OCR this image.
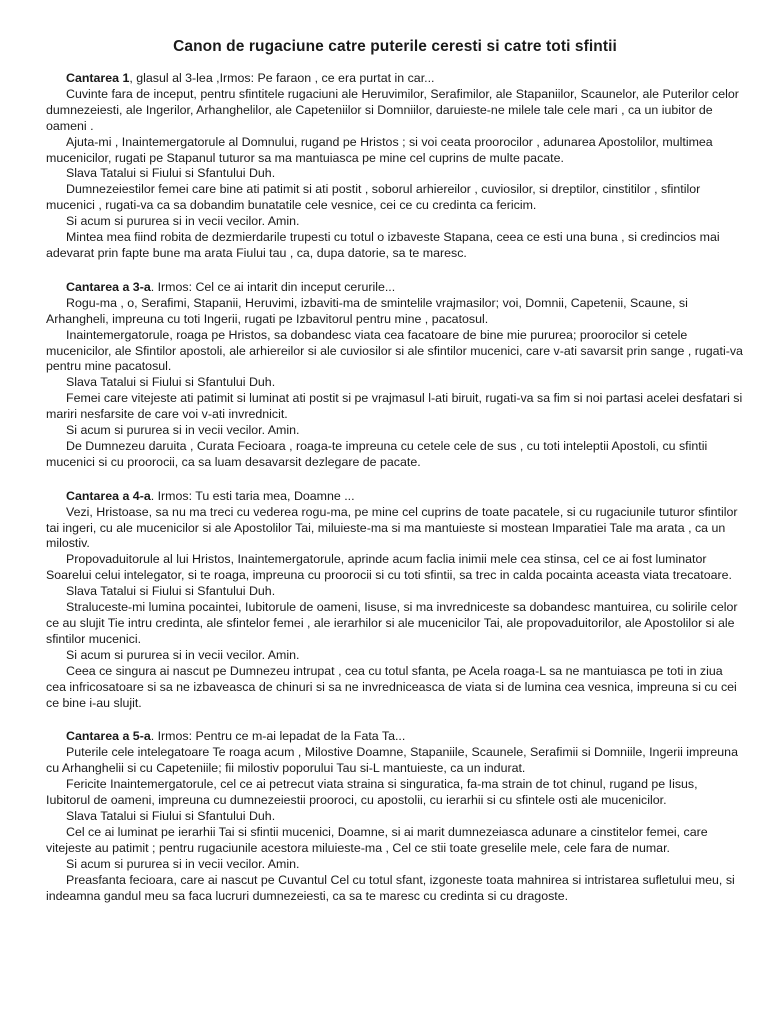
Canon de rugaciune catre puterile ceresti si catre toti sfintii

Cantarea 1, glasul al 3-lea ,Irmos: Pe faraon , ce era purtat in car...

Cuvinte fara de inceput, pentru sfintitele rugaciuni ale Heruvimilor, Serafimilor, ale Stapaniilor, Scaunelor, ale Puterilor celor dumnezeiesti, ale Ingerilor, Arhanghelilor, ale Capeteniilor si Domniilor, daruieste-ne milele tale cele mari , ca un iubitor de oameni .

Ajuta-mi , Inaintemergatorule al Domnului, rugand pe Hristos ; si voi ceata proorocilor , adunarea Apostolilor, multimea mucenicilor, rugati pe Stapanul tuturor sa ma mantuiasca pe mine cel cuprins de multe pacate.

Slava Tatalui si Fiului si Sfantului Duh.

Dumnezeiestilor femei care bine ati patimit si ati postit , soborul arhiereilor , cuviosilor, si dreptilor, cinstitilor , sfintilor mucenici , rugati-va ca sa dobandim bunatatile cele vesnice, cei ce cu credinta ca fericim.

Si acum si pururea si in vecii vecilor. Amin.

Mintea mea fiind robita de dezmierdarile trupesti cu totul o izbaveste Stapana, ceea ce esti una buna , si credincios mai adevarat prin fapte bune ma arata Fiului tau , ca, dupa datorie, sa te maresc.

Cantarea a 3-a. Irmos: Cel ce ai intarit din inceput cerurile...

Rogu-ma , o, Serafimi, Stapanii, Heruvimi, izbaviti-ma de smintelile vrajmasilor; voi, Domnii, Capetenii, Scaune, si Arhangheli, impreuna cu toti Ingerii, rugati pe Izbavitorul pentru mine , pacatosul.

Inaintemergatorule, roaga pe Hristos, sa dobandesc viata cea facatoare de bine mie pururea; proorocilor si cetele mucenicilor, ale Sfintilor apostoli, ale arhiereilor si ale cuviosilor si ale sfintilor mucenici, care v-ati savarsit prin sange , rugati-va pentru mine pacatosul.

Slava Tatalui si Fiului si Sfantului Duh.

Femei care vitejeste ati patimit si luminat ati postit si pe vrajmasul l-ati biruit, rugati-va sa fim si noi partasi acelei desfatari si mariri nesfarsite de care voi v-ati invrednicit.

Si acum si pururea si in vecii vecilor. Amin.

De Dumnezeu daruita , Curata Fecioara , roaga-te impreuna cu cetele cele de sus , cu toti inteleptii Apostoli, cu sfintii mucenici si cu proorocii, ca sa luam desavarsit dezlegare de pacate.

Cantarea a 4-a. Irmos: Tu esti taria mea, Doamne ...

Vezi, Hristoase, sa nu ma treci cu vederea rogu-ma, pe mine cel cuprins de toate pacatele, si cu rugaciunile tuturor sfintilor tai ingeri, cu ale mucenicilor si ale Apostolilor Tai, miluieste-ma si ma mantuieste si mostean Imparatiei Tale ma arata , ca un milostiv.

Propovaduitorule al lui Hristos, Inaintemergatorule, aprinde acum faclia inimii mele cea stinsa, cel ce ai fost luminator Soarelui celui intelegator, si te roaga, impreuna cu proorocii si cu toti sfintii, sa trec in calda pocainta aceasta viata trecatoare.

Slava Tatalui si Fiului si Sfantului Duh.

Straluceste-mi lumina pocaintei, Iubitorule de oameni, Iisuse, si ma invredniceste sa dobandesc mantuirea, cu solirile celor ce au slujit Tie intru credinta, ale sfintelor femei , ale ierarhilor si ale mucenicilor Tai, ale propovaduitorilor, ale Apostolilor si ale sfintilor mucenici.

Si acum si pururea si in vecii vecilor. Amin.

Ceea ce singura ai nascut pe Dumnezeu intrupat , cea cu totul sfanta, pe Acela roaga-L sa ne mantuiasca pe toti in ziua cea infricosatoare si sa ne izbaveasca de chinuri si sa ne invredniceasca de viata si de lumina cea vesnica, impreuna si cu cei ce bine i-au slujit.

Cantarea a 5-a. Irmos: Pentru ce m-ai lepadat de la Fata Ta...

Puterile cele intelegatoare Te roaga acum , Milostive Doamne, Stapaniile, Scaunele, Serafimii si Domniile, Ingerii impreuna cu Arhanghelii si cu Capeteniile; fii milostiv poporului Tau si-L mantuieste, ca un indurat.

Fericite Inaintemergatorule, cel ce ai petrecut viata straina si singuratica, fa-ma strain de tot chinul, rugand pe Iisus, Iubitorul de oameni, impreuna cu dumnezeiestii prooroci, cu apostolii, cu ierarhii si cu sfintele osti ale mucenicilor.

Slava Tatalui si Fiului si Sfantului Duh.

Cel ce ai luminat pe ierarhii Tai si sfintii mucenici, Doamne, si ai marit dumnezeiasca adunare a cinstitelor femei, care vitejeste au patimit ; pentru rugaciunile acestora miluieste-ma , Cel ce stii toate greselile mele, cele fara de numar.

Si acum si pururea si in vecii vecilor. Amin.

Preasfanta fecioara, care ai nascut pe Cuvantul Cel cu totul sfant, izgoneste toata mahnirea si intristarea sufletului meu, si indeamna gandul meu sa faca lucruri dumnezeiesti, ca sa te maresc cu credinta si cu dragoste.
